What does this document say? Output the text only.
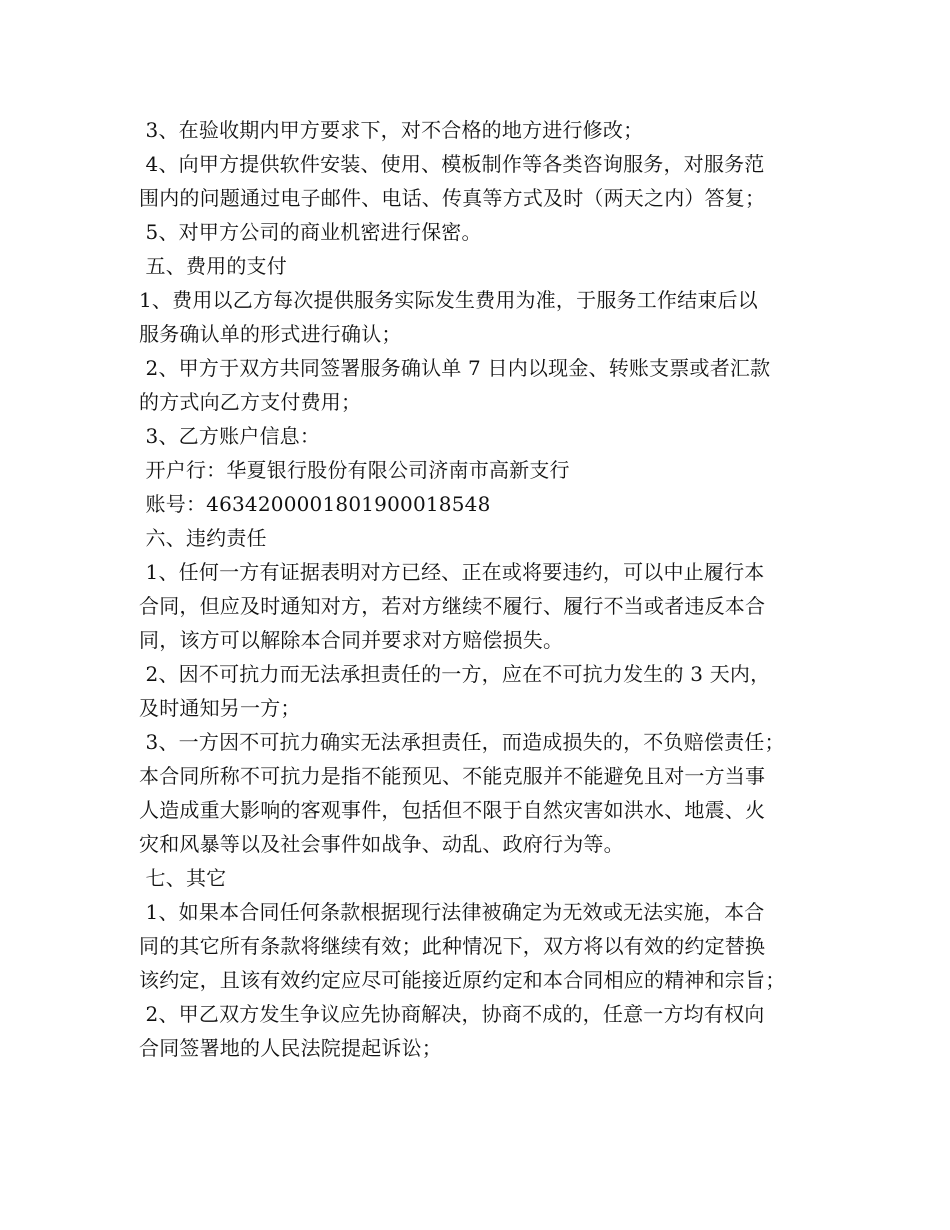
3、在验收期内甲方要求下，对不合格的地方进行修改；
4、向甲方提供软件安装、使用、模板制作等各类咨询服务，对服务范
围内的问题通过电子邮件、电话、传真等方式及时（两天之内）答复；
5、对甲方公司的商业机密进行保密。
五、费用的支付
1、费用以乙方每次提供服务实际发生费用为准，于服务工作结束后以
服务确认单的形式进行确认；
2、甲方于双方共同签署服务确认单 7 日内以现金、转账支票或者汇款
的方式向乙方支付费用；
3、乙方账户信息：
开户行：华夏银行股份有限公司济南市高新支行
账号：4634200001801900018548
六、违约责任
1、任何一方有证据表明对方已经、正在或将要违约，可以中止履行本
合同，但应及时通知对方，若对方继续不履行、履行不当或者违反本合
同，该方可以解除本合同并要求对方赔偿损失。
2、因不可抗力而无法承担责任的一方，应在不可抗力发生的 3 天内，
及时通知另一方；
3、一方因不可抗力确实无法承担责任，而造成损失的，不负赔偿责任；
本合同所称不可抗力是指不能预见、不能克服并不能避免且对一方当事
人造成重大影响的客观事件，包括但不限于自然灾害如洪水、地震、火
灾和风暴等以及社会事件如战争、动乱、政府行为等。
七、其它
1、如果本合同任何条款根据现行法律被确定为无效或无法实施，本合
同的其它所有条款将继续有效；此种情况下，双方将以有效的约定替换
该约定，且该有效约定应尽可能接近原约定和本合同相应的精神和宗旨；
2、甲乙双方发生争议应先协商解决，协商不成的，任意一方均有权向
合同签署地的人民法院提起诉讼；
